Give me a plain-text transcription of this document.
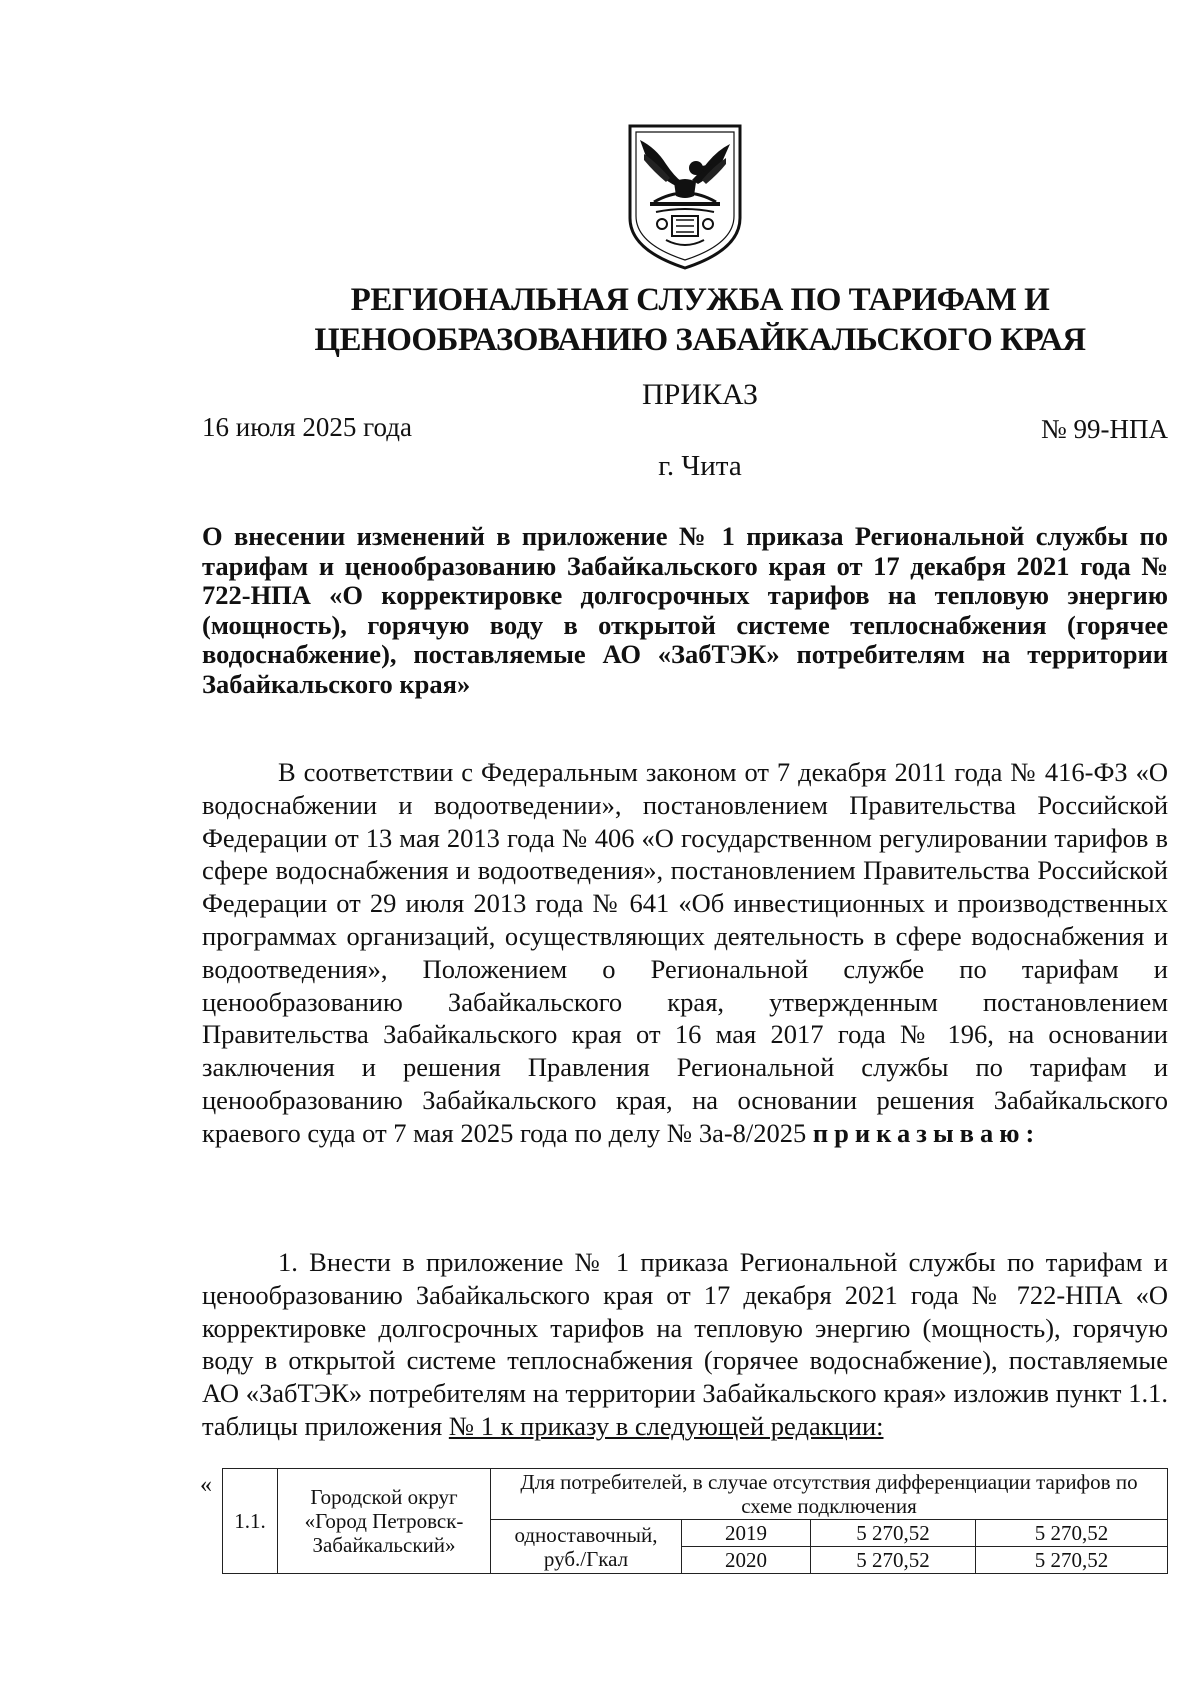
РЕГИОНАЛЬНАЯ СЛУЖБА ПО ТАРИФАМ И
ЦЕНООБРАЗОВАНИЮ ЗАБАЙКАЛЬСКОГО КРАЯ
ПРИКАЗ
16 июля 2025 года	№ 99-НПА
г. Чита
О внесении изменений в приложение № 1 приказа Региональной службы по тарифам и ценообразованию Забайкальского края от 17 декабря 2021 года № 722-НПА «О корректировке долгосрочных тарифов на тепловую энергию (мощность), горячую воду в открытой системе теплоснабжения (горячее водоснабжение), поставляемые АО «ЗабТЭК» потребителям на территории Забайкальского края»
В соответствии с Федеральным законом от 7 декабря 2011 года № 416-ФЗ «О водоснабжении и водоотведении», постановлением Правительства Российской Федерации от 13 мая 2013 года № 406 «О государственном регулировании тарифов в сфере водоснабжения и водоотведения», постановлением Правительства Российской Федерации от 29 июля 2013 года № 641 «Об инвестиционных и производственных программах организаций, осуществляющих деятельность в сфере водоснабжения и водоотведения», Положением о Региональной службе по тарифам и ценообразованию Забайкальского края, утвержденным постановлением Правительства Забайкальского края от 16 мая 2017 года № 196, на основании заключения и решения Правления Региональной службы по тарифам и ценообразованию Забайкальского края, на основании решения Забайкальского краевого суда от 7 мая 2025 года по делу № 3а-8/2025 приказываю:
1. Внести в приложение № 1 приказа Региональной службы по тарифам и ценообразованию Забайкальского края от 17 декабря 2021 года № 722-НПА «О корректировке долгосрочных тарифов на тепловую энергию (мощность), горячую воду в открытой системе теплоснабжения (горячее водоснабжение), поставляемые АО «ЗабТЭК» потребителям на территории Забайкальского края» изложив пункт 1.1. таблицы приложения № 1 к приказу в следующей редакции:
«
1.1.	Городской округ «Город Петровск-Забайкальский»	Для потребителей, в случае отсутствия дифференциации тарифов по схеме подключения			
		одноставочный, руб./Гкал	2019	5 270,52	5 270,52
			2020	5 270,52	5 270,52
